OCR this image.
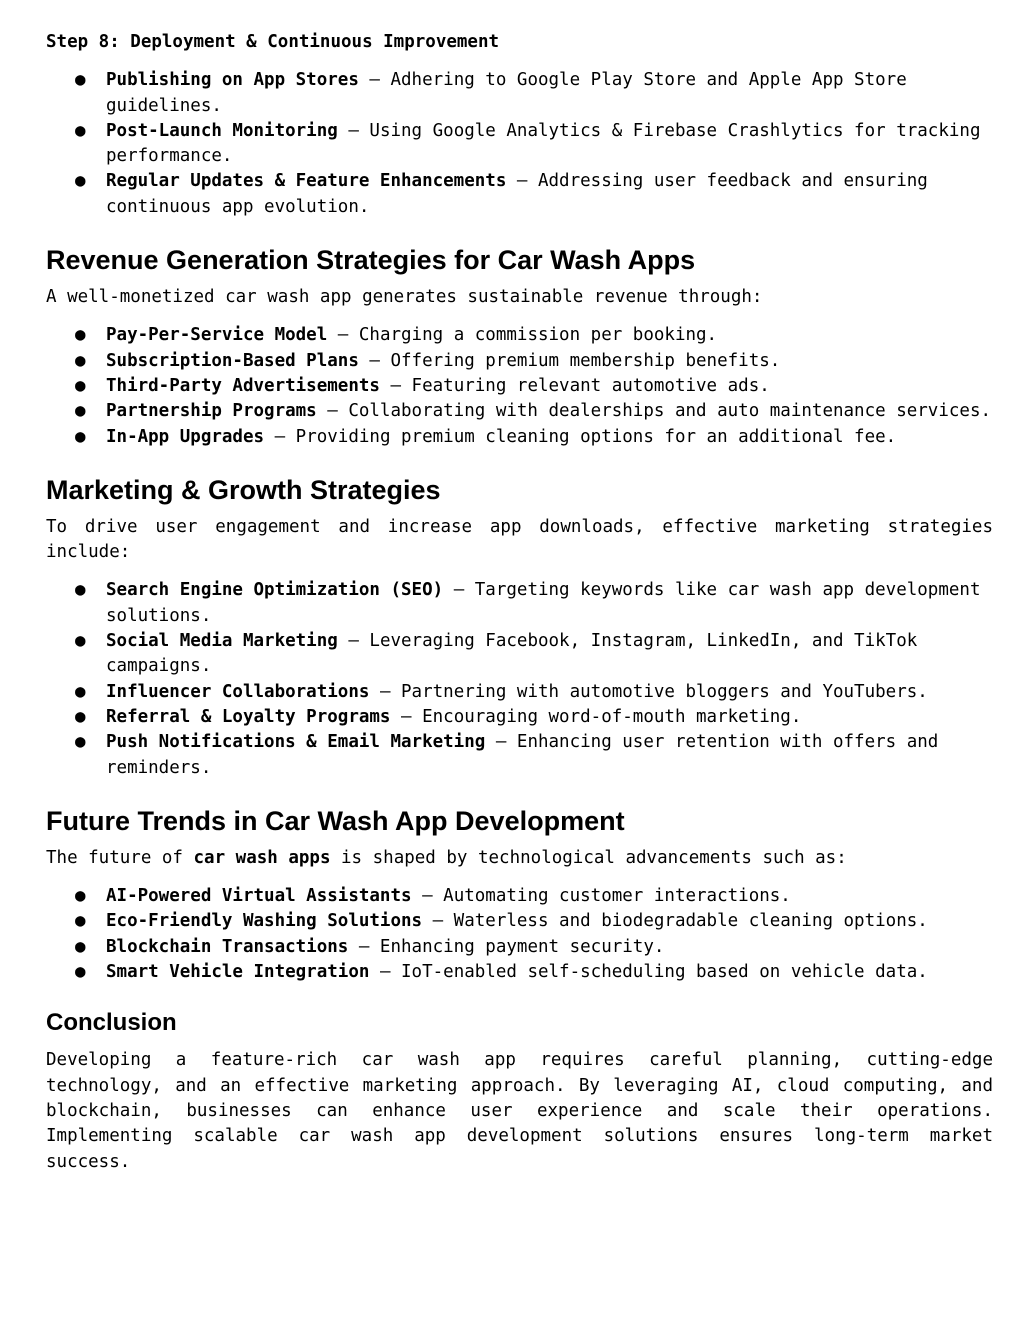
Step 8: Deployment & Continuous Improvement

● Publishing on App Stores – Adhering to Google Play Store and Apple App Store guidelines.
● Post-Launch Monitoring – Using Google Analytics & Firebase Crashlytics for tracking performance.
● Regular Updates & Feature Enhancements – Addressing user feedback and ensuring continuous app evolution.
Revenue Generation Strategies for Car Wash Apps

A well-monetized car wash app generates sustainable revenue through:

● Pay-Per-Service Model – Charging a commission per booking.
● Subscription-Based Plans – Offering premium membership benefits.
● Third-Party Advertisements – Featuring relevant automotive ads.
● Partnership Programs – Collaborating with dealerships and auto maintenance services.
● In-App Upgrades – Providing premium cleaning options for an additional fee.
Marketing & Growth Strategies

To drive user engagement and increase app downloads, effective marketing strategies include:

● Search Engine Optimization (SEO) – Targeting keywords like car wash app development solutions.
● Social Media Marketing – Leveraging Facebook, Instagram, LinkedIn, and TikTok campaigns.
● Influencer Collaborations – Partnering with automotive bloggers and YouTubers.
● Referral & Loyalty Programs – Encouraging word-of-mouth marketing.
● Push Notifications & Email Marketing – Enhancing user retention with offers and reminders.
Future Trends in Car Wash App Development

The future of car wash apps is shaped by technological advancements such as:

● AI-Powered Virtual Assistants – Automating customer interactions.
● Eco-Friendly Washing Solutions – Waterless and biodegradable cleaning options.
● Blockchain Transactions – Enhancing payment security.
● Smart Vehicle Integration – IoT-enabled self-scheduling based on vehicle data.
Conclusion

Developing a feature-rich car wash app requires careful planning, cutting-edge technology, and an effective marketing approach. By leveraging AI, cloud computing, and blockchain, businesses can enhance user experience and scale their operations. Implementing scalable car wash app development solutions ensures long-term market success.
